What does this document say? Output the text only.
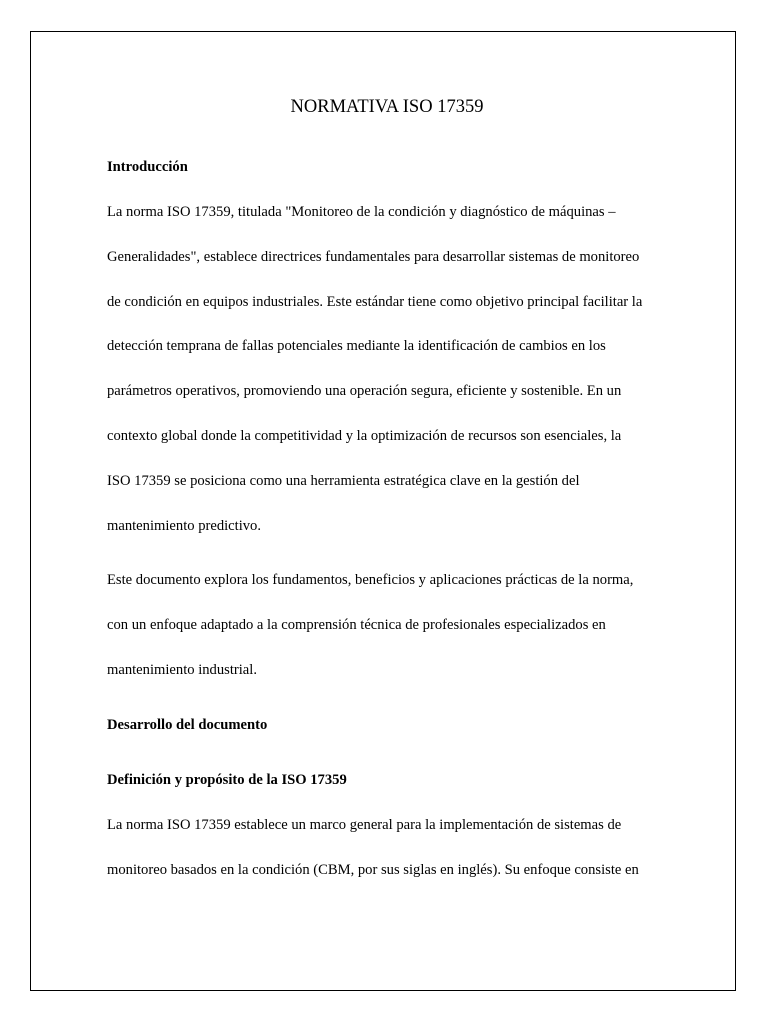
NORMATIVA ISO 17359

Introducción

La norma ISO 17359, titulada "Monitoreo de la condición y diagnóstico de máquinas –
Generalidades", establece directrices fundamentales para desarrollar sistemas de monitoreo
de condición en equipos industriales. Este estándar tiene como objetivo principal facilitar la
detección temprana de fallas potenciales mediante la identificación de cambios en los
parámetros operativos, promoviendo una operación segura, eficiente y sostenible. En un
contexto global donde la competitividad y la optimización de recursos son esenciales, la
ISO 17359 se posiciona como una herramienta estratégica clave en la gestión del
mantenimiento predictivo.
Este documento explora los fundamentos, beneficios y aplicaciones prácticas de la norma,
con un enfoque adaptado a la comprensión técnica de profesionales especializados en
mantenimiento industrial.

Desarrollo del documento

Definición y propósito de la ISO 17359

La norma ISO 17359 establece un marco general para la implementación de sistemas de
monitoreo basados en la condición (CBM, por sus siglas en inglés). Su enfoque consiste en
